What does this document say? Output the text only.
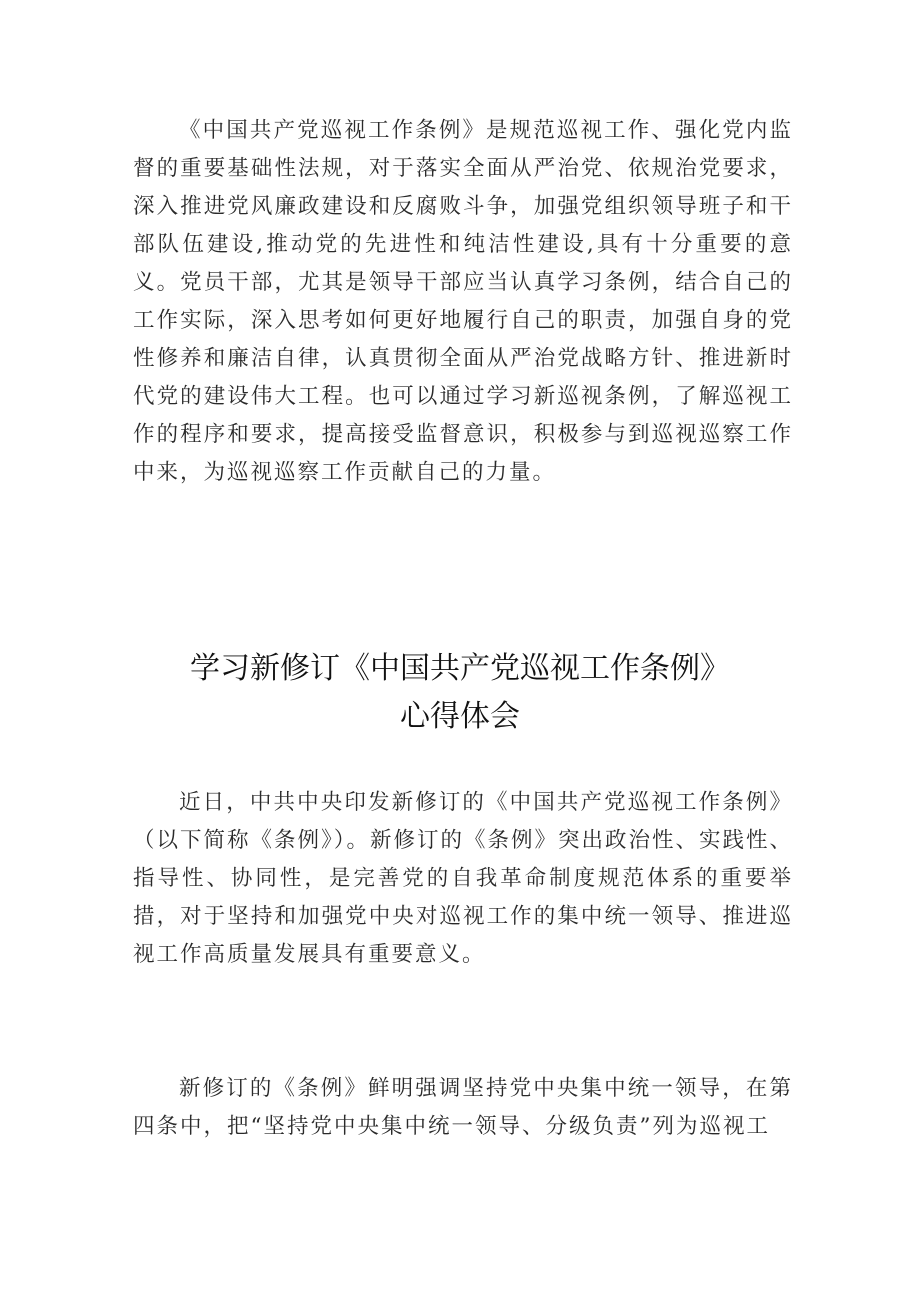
《中国共产党巡视工作条例》是规范巡视工作、强化党内监督的重要基础性法规，对于落实全面从严治党、依规治党要求，深入推进党风廉政建设和反腐败斗争，加强党组织领导班子和干部队伍建设,推动党的先进性和纯洁性建设,具有十分重要的意义。党员干部，尤其是领导干部应当认真学习条例，结合自己的工作实际，深入思考如何更好地履行自己的职责，加强自身的党性修养和廉洁自律，认真贯彻全面从严治党战略方针、推进新时代党的建设伟大工程。也可以通过学习新巡视条例，了解巡视工作的程序和要求，提高接受监督意识，积极参与到巡视巡察工作中来，为巡视巡察工作贡献自己的力量。

学习新修订《中国共产党巡视工作条例》
心得体会

近日，中共中央印发新修订的《中国共产党巡视工作条例》（以下简称《条例》）。新修订的《条例》突出政治性、实践性、指导性、协同性，是完善党的自我革命制度规范体系的重要举措，对于坚持和加强党中央对巡视工作的集中统一领导、推进巡视工作高质量发展具有重要意义。

新修订的《条例》鲜明强调坚持党中央集中统一领导，在第四条中，把“坚持党中央集中统一领导、分级负责”列为巡视工
